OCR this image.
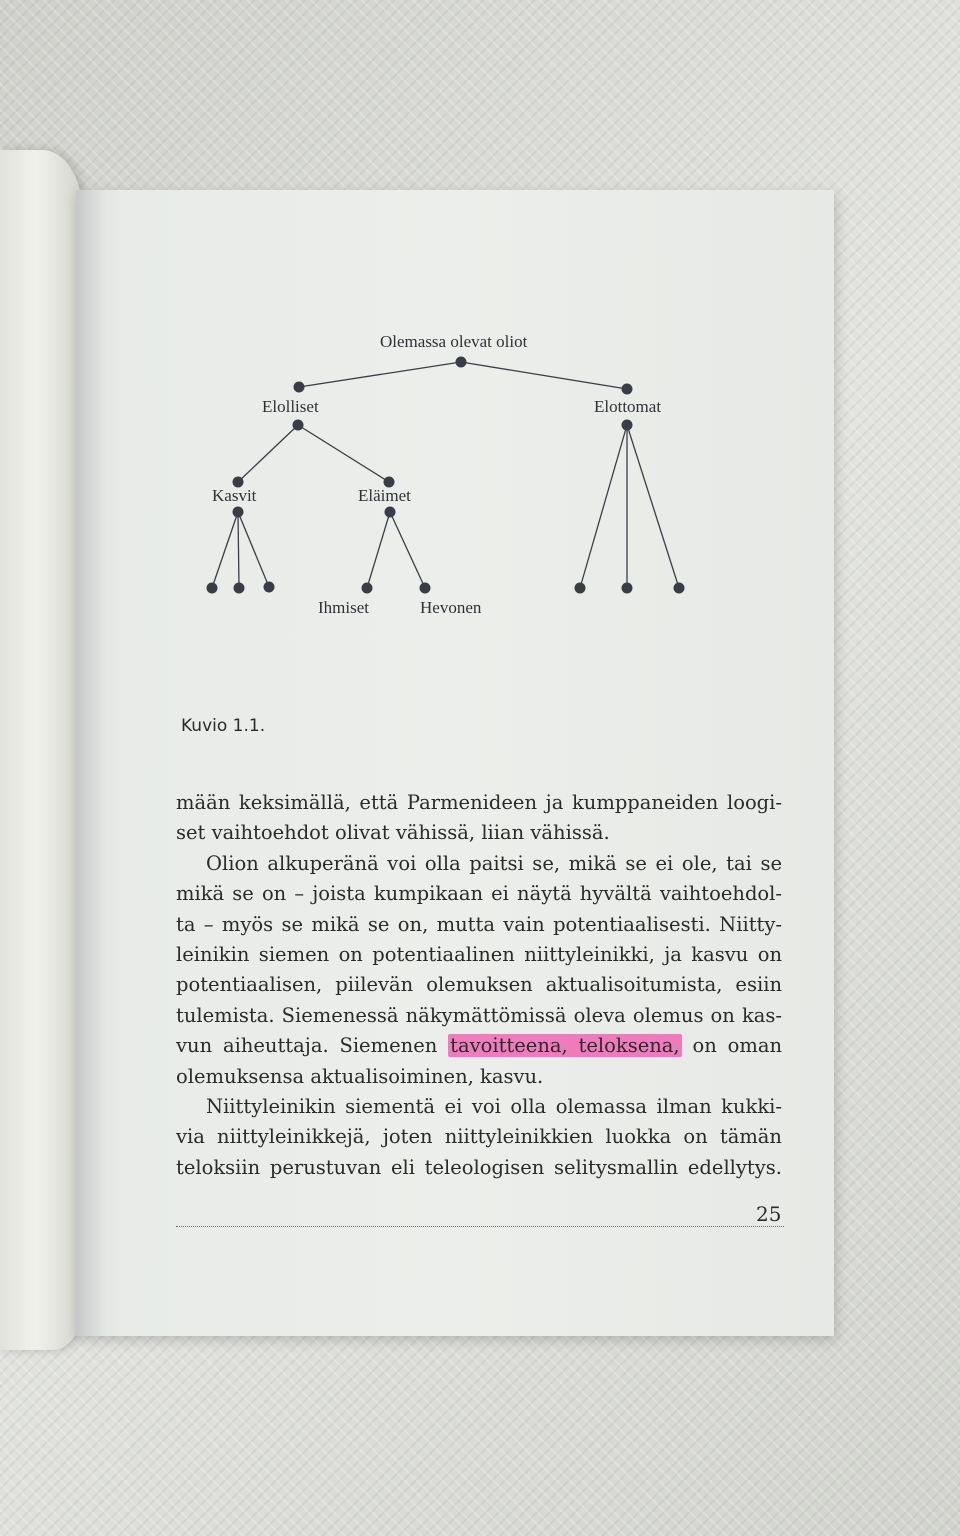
Olemassa olevat oliot
Elolliset	Elottomat
Kasvit	Eläimet
Ihmiset	Hevonen

Kuvio 1.1.

mään keksimällä, että Parmenideen ja kumppaneiden loogi-
set vaihtoehdot olivat vähissä, liian vähissä.

Olion alkuperänä voi olla paitsi se, mikä se ei ole, tai se
mikä se on – joista kumpikaan ei näytä hyvältä vaihtoehdol-
ta – myös se mikä se on, mutta vain potentiaalisesti. Niitty-
leinikin siemen on potentiaalinen niittyleinikki, ja kasvu on
potentiaalisen, piilevän olemuksen aktualisoitumista, esiin
tulemista. Siemenessä näkymättömissä oleva olemus on kas-
vun aiheuttaja. Siemenen tavoitteena, teloksena, on oman
olemuksensa aktualisoiminen, kasvu.

Niittyleinikin siementä ei voi olla olemassa ilman kukki-
via niittyleinikkejä, joten niittyleinikkien luokka on tämän
teloksiin perustuvan eli teleologisen selitysmallin edellytys.

25
